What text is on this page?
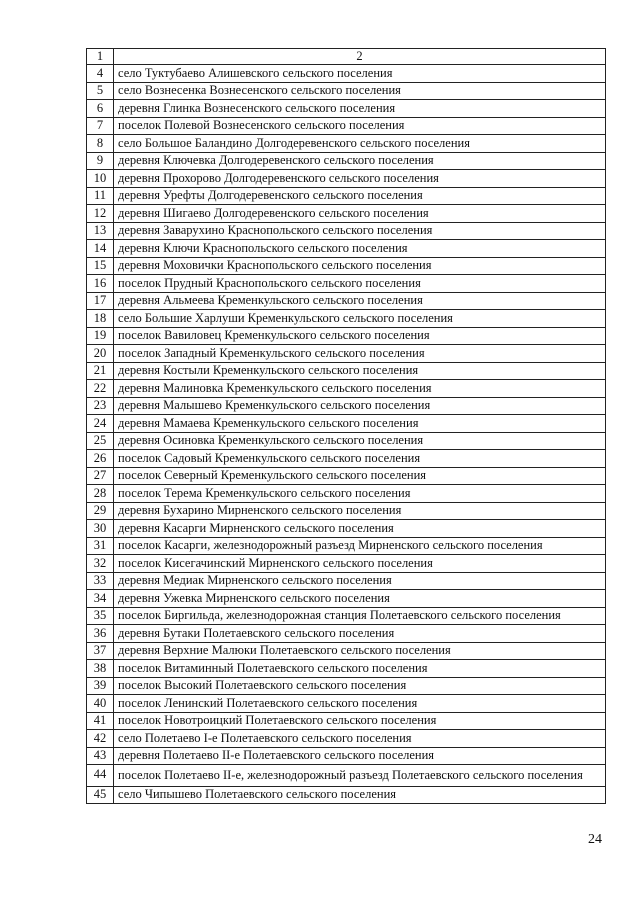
1	2
4	село Туктубаево Алишевского сельского поселения
5	село Вознесенка Вознесенского сельского поселения
6	деревня Глинка Вознесенского сельского поселения
7	поселок Полевой Вознесенского сельского поселения
8	село Большое Баландино Долгодеревенского сельского поселения
9	деревня Ключевка Долгодеревенского сельского поселения
10	деревня Прохорово Долгодеревенского сельского поселения
11	деревня Урефты Долгодеревенского сельского поселения
12	деревня Шигаево Долгодеревенского сельского поселения
13	деревня Заварухино Краснопольского сельского поселения
14	деревня Ключи Краснопольского сельского поселения
15	деревня Моховички Краснопольского сельского поселения
16	поселок Прудный Краснопольского сельского поселения
17	деревня Альмеева Кременкульского сельского поселения
18	село Большие Харлуши Кременкульского сельского поселения
19	поселок Вавиловец Кременкульского сельского поселения
20	поселок Западный Кременкульского сельского поселения
21	деревня Костыли Кременкульского сельского поселения
22	деревня Малиновка Кременкульского сельского поселения
23	деревня Малышево Кременкульского сельского поселения
24	деревня Мамаева Кременкульского сельского поселения
25	деревня Осиновка Кременкульского сельского поселения
26	поселок Садовый Кременкульского сельского поселения
27	поселок Северный Кременкульского сельского поселения
28	поселок Терема Кременкульского сельского поселения
29	деревня Бухарино Мирненского сельского поселения
30	деревня Касарги Мирненского сельского поселения
31	поселок Касарги, железнодорожный разъезд Мирненского сельского поселения
32	поселок Кисегачинский Мирненского сельского поселения
33	деревня Медиак Мирненского сельского поселения
34	деревня Ужевка Мирненского сельского поселения
35	поселок Биргильда, железнодорожная станция Полетаевского сельского поселения
36	деревня Бутаки Полетаевского сельского поселения
37	деревня Верхние Малюки Полетаевского сельского поселения
38	поселок Витаминный Полетаевского сельского поселения
39	поселок Высокий Полетаевского сельского поселения
40	поселок Ленинский Полетаевского сельского поселения
41	поселок Новотроицкий Полетаевского сельского поселения
42	село Полетаево I-е Полетаевского сельского поселения
43	деревня Полетаево II-е Полетаевского сельского поселения
44	поселок Полетаево II-е, железнодорожный разъезд Полетаевского сельского поселения
45	село Чипышево Полетаевского сельского поселения
24
